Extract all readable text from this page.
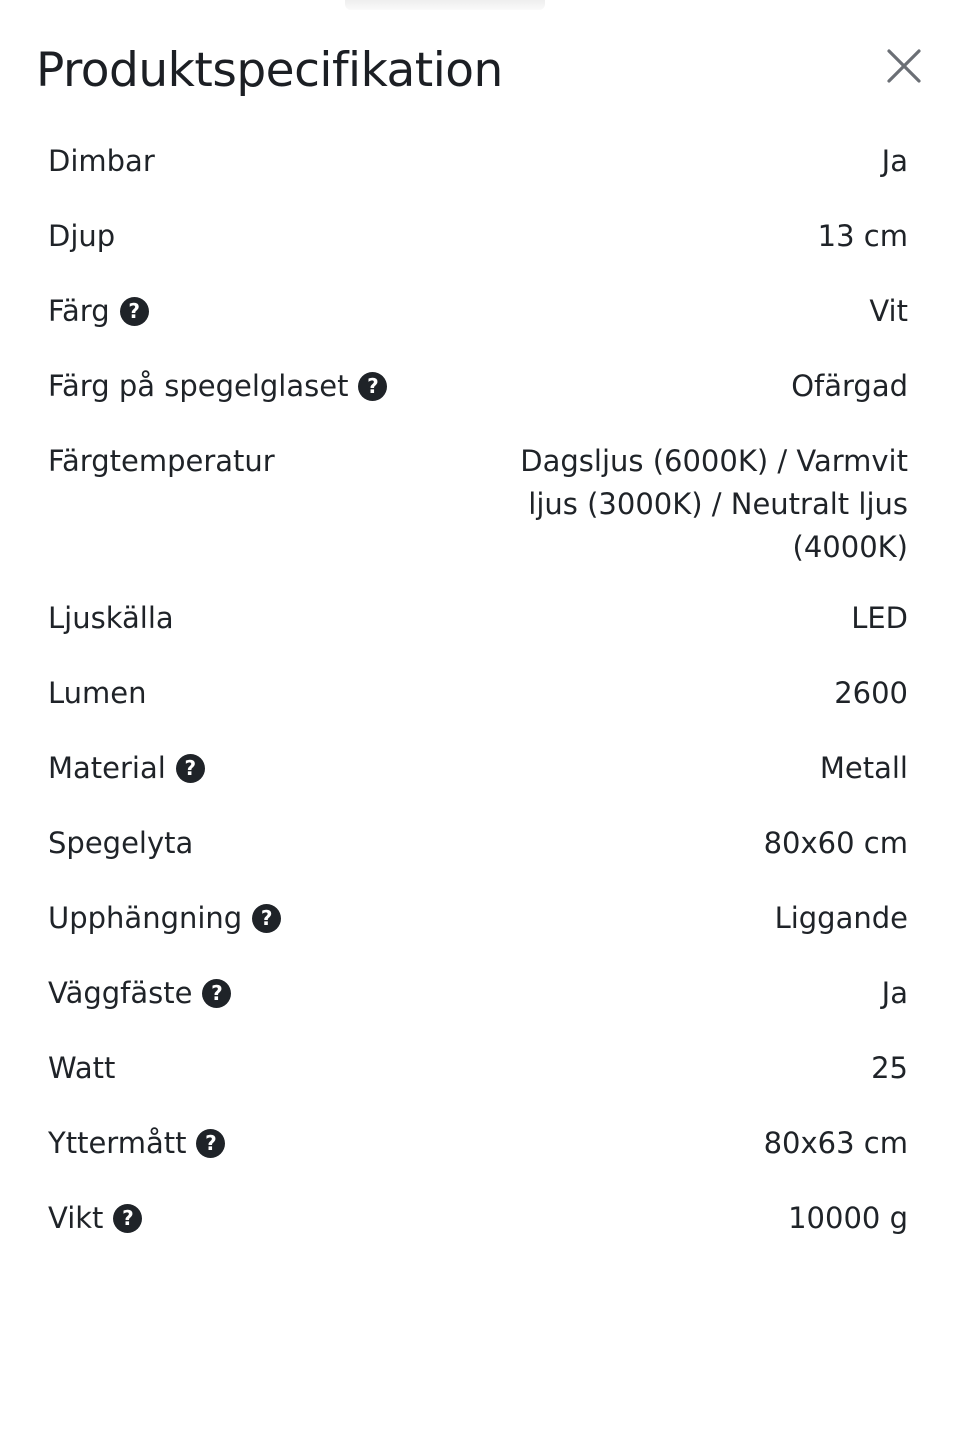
Produktspecifikation
Dimbar	Ja
Djup	13 cm
Färg ?	Vit
Färg på spegelglaset ?	Ofärgad
Färgtemperatur	Dagsljus (6000K) / Varmvit ljus (3000K) / Neutralt ljus (4000K)
Ljuskälla	LED
Lumen	2600
Material ?	Metall
Spegelyta	80x60 cm
Upphängning ?	Liggande
Väggfäste ?	Ja
Watt	25
Yttermått ?	80x63 cm
Vikt ?	10000 g
